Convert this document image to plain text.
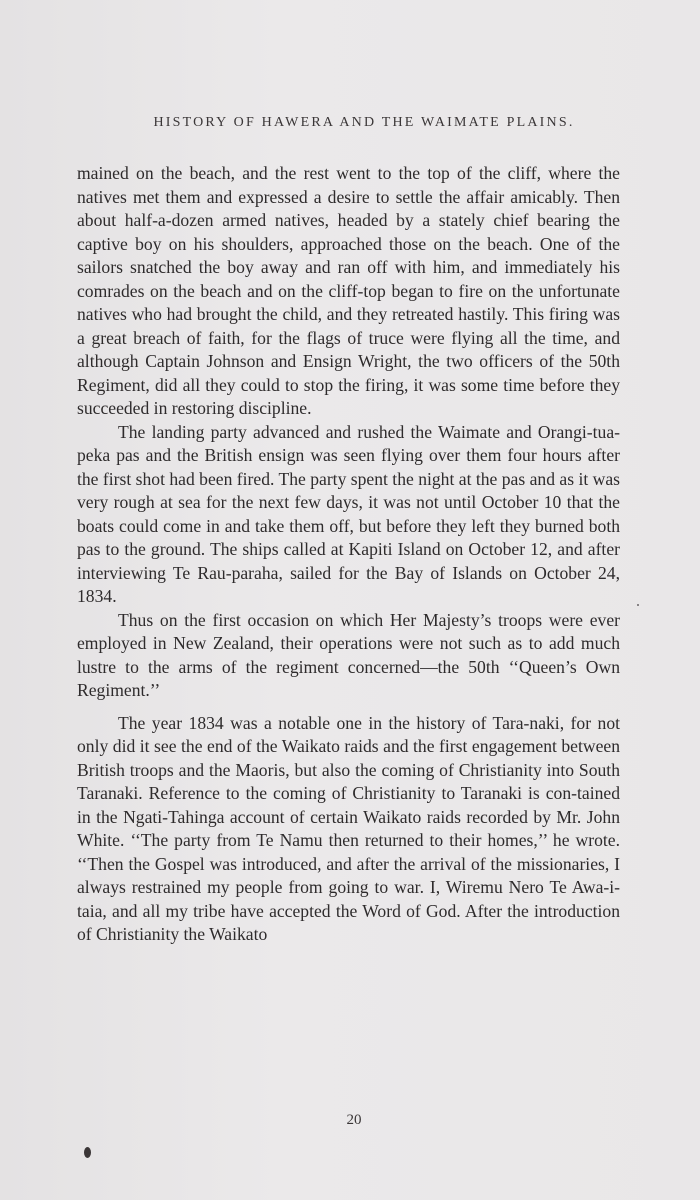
HISTORY OF HAWERA AND THE WAIMATE PLAINS.

mained on the beach, and the rest went to the top of the cliff, where the natives met them and expressed a desire to settle the affair amicably. Then about half-a-dozen armed natives, headed by a stately chief bearing the captive boy on his shoulders, approached those on the beach. One of the sailors snatched the boy away and ran off with him, and immediately his comrades on the beach and on the cliff-top began to fire on the unfortunate natives who had brought the child, and they retreated hastily. This firing was a great breach of faith, for the flags of truce were flying all the time, and although Captain Johnson and Ensign Wright, the two officers of the 50th Regiment, did all they could to stop the firing, it was some time before they succeeded in restoring discipline.

The landing party advanced and rushed the Waimate and Orangi-tua-peka pas and the British ensign was seen flying over them four hours after the first shot had been fired. The party spent the night at the pas and as it was very rough at sea for the next few days, it was not until October 10 that the boats could come in and take them off, but before they left they burned both pas to the ground. The ships called at Kapiti Island on October 12, and after interviewing Te Rau-paraha, sailed for the Bay of Islands on October 24, 1834.

Thus on the first occasion on which Her Majesty’s troops were ever employed in New Zealand, their operations were not such as to add much lustre to the arms of the regiment concerned—the 50th ‘‘Queen’s Own Regiment.’’

The year 1834 was a notable one in the history of Tara-naki, for not only did it see the end of the Waikato raids and the first engagement between British troops and the Maoris, but also the coming of Christianity into South Taranaki. Reference to the coming of Christianity to Taranaki is con-tained in the Ngati-Tahinga account of certain Waikato raids recorded by Mr. John White. ‘‘The party from Te Namu then returned to their homes,’’ he wrote. ‘‘Then the Gospel was introduced, and after the arrival of the missionaries, I always restrained my people from going to war. I, Wiremu Nero Te Awa-i-taia, and all my tribe have accepted the Word of God. After the introduction of Christianity the Waikato

20
